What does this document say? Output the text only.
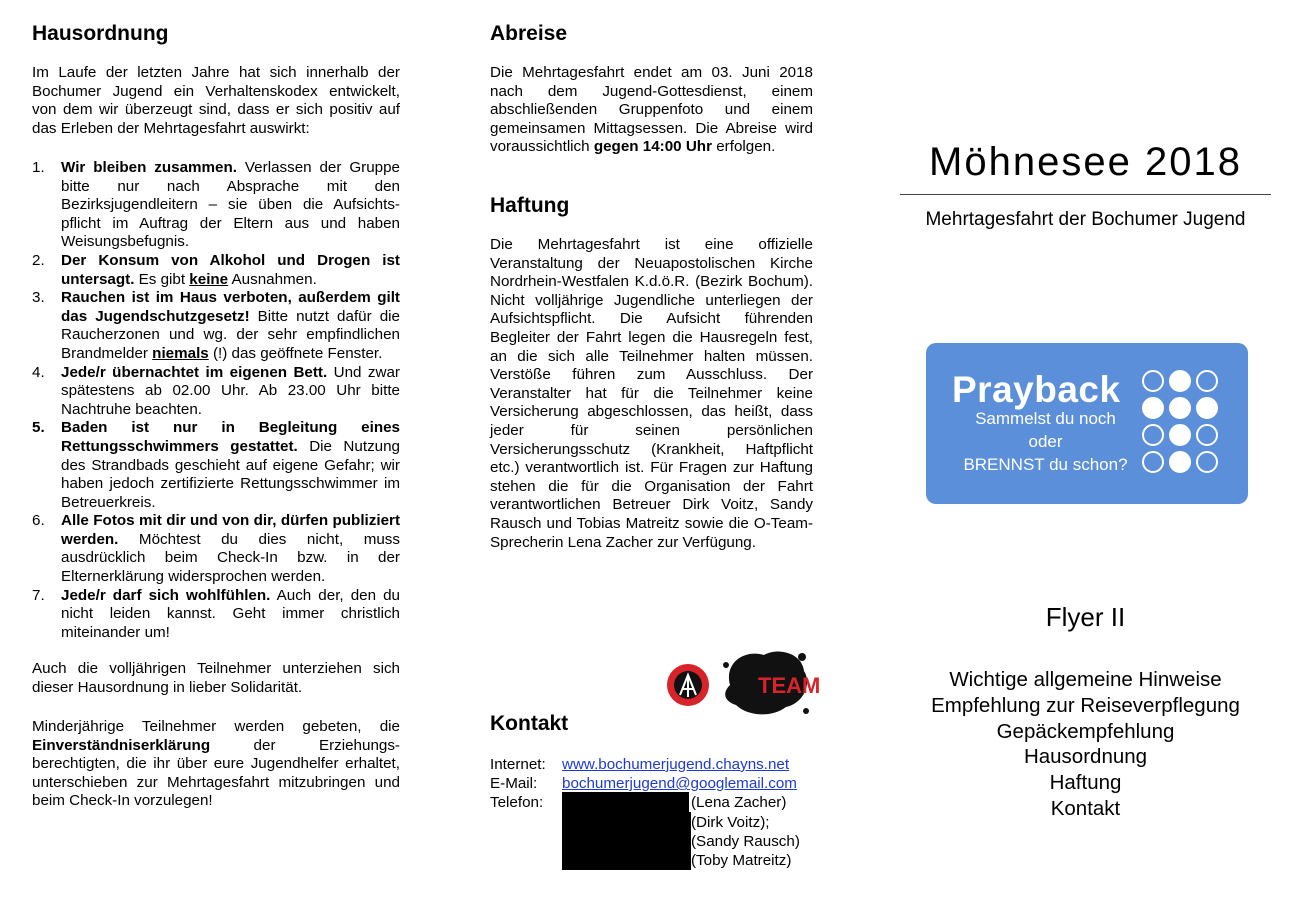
Hausordnung

Im Laufe der letzten Jahre hat sich innerhalb der Bochumer Jugend ein Verhaltenskodex entwickelt, von dem wir überzeugt sind, dass er sich positiv auf das Erleben der Mehrtagesfahrt auswirkt:

1. Wir bleiben zusammen. Verlassen der Gruppe bitte nur nach Absprache mit den Bezirksjugendleitern – sie üben die Aufsichts-pflicht im Auftrag der Eltern aus und haben Weisungsbefugnis.
2. Der Konsum von Alkohol und Drogen ist untersagt. Es gibt keine Ausnahmen.
3. Rauchen ist im Haus verboten, außerdem gilt das Jugendschutzgesetz! Bitte nutzt dafür die Raucherzonen und wg. der sehr empfindlichen Brandmelder niemals (!) das geöffnete Fenster.
4. Jede/r übernachtet im eigenen Bett. Und zwar spätestens ab 02.00 Uhr. Ab 23.00 Uhr bitte Nachtruhe beachten.
5. Baden ist nur in Begleitung eines Rettungsschwimmers gestattet. Die Nutzung des Strandbads geschieht auf eigene Gefahr; wir haben jedoch zertifizierte Rettungsschwimmer im Betreuerkreis.
6. Alle Fotos mit dir und von dir, dürfen publiziert werden. Möchtest du dies nicht, muss ausdrücklich beim Check-In bzw. in der Elternerklärung widersprochen werden.
7. Jede/r darf sich wohlfühlen. Auch der, den du nicht leiden kannst. Geht immer christlich miteinander um!

Auch die volljährigen Teilnehmer unterziehen sich dieser Hausordnung in lieber Solidarität.

Minderjährige Teilnehmer werden gebeten, die Einverständniserklärung der Erziehungs-berechtigten, die ihr über eure Jugendhelfer erhaltet, unterschieben zur Mehrtagesfahrt mitzubringen und beim Check-In vorzulegen!

Abreise

Die Mehrtagesfahrt endet am 03. Juni 2018 nach dem Jugend-Gottesdienst, einem abschließenden Gruppenfoto und einem gemeinsamen Mittagsessen. Die Abreise wird voraussichtlich gegen 14:00 Uhr erfolgen.

Haftung

Die Mehrtagesfahrt ist eine offizielle Veranstaltung der Neuapostolischen Kirche Nordrhein-Westfalen K.d.ö.R. (Bezirk Bochum). Nicht volljährige Jugendliche unterliegen der Aufsichtspflicht. Die Aufsicht führenden Begleiter der Fahrt legen die Hausregeln fest, an die sich alle Teilnehmer halten müssen. Verstöße führen zum Ausschluss. Der Veranstalter hat für die Teilnehmer keine Versicherung abgeschlossen, das heißt, dass jeder für seinen persönlichen Versicherungsschutz (Krankheit, Haftpflicht etc.) verantwortlich ist. Für Fragen zur Haftung stehen die für die Organisation der Fahrt verantwortlichen Betreuer Dirk Voitz, Sandy Rausch und Tobias Matreitz sowie die O-Team-Sprecherin Lena Zacher zur Verfügung.

TEAM
Kontakt
Internet: www.bochumerjugend.chayns.net
E-Mail: bochumerjugend@googlemail.com
Telefon:	(Lena Zacher)
(Dirk Voitz);
(Sandy Rausch)
(Toby Matreitz)
Möhnesee 2018
Mehrtagesfahrt der Bochumer Jugend
Prayback
Sammelst du noch
oder
BRENNST du schon?
Flyer II
Wichtige allgemeine Hinweise
Empfehlung zur Reiseverpflegung
Gepäckempfehlung
Hausordnung
Haftung
Kontakt
